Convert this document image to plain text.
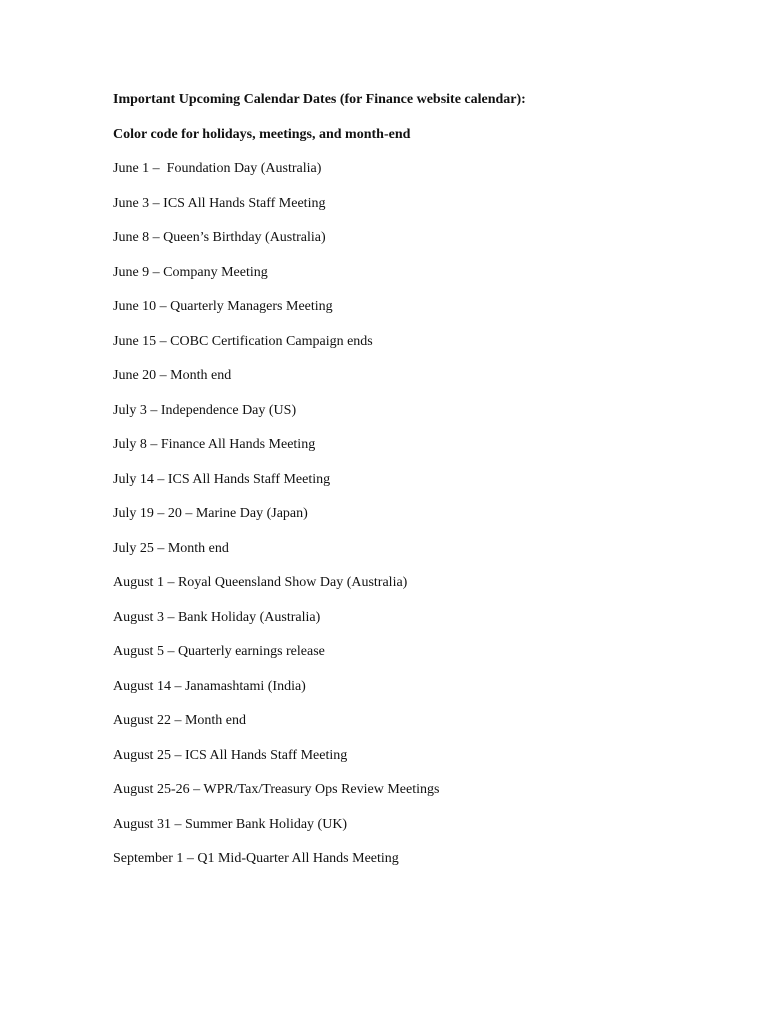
Important Upcoming Calendar Dates (for Finance website calendar):
Color code for holidays, meetings, and month-end
June 1 –  Foundation Day (Australia)
June 3 – ICS All Hands Staff Meeting
June 8 – Queen’s Birthday (Australia)
June 9 – Company Meeting
June 10 – Quarterly Managers Meeting
June 15 – COBC Certification Campaign ends
June 20 – Month end
July 3 – Independence Day (US)
July 8 – Finance All Hands Meeting
July 14 – ICS All Hands Staff Meeting
July 19 – 20 – Marine Day (Japan)
July 25 – Month end
August 1 – Royal Queensland Show Day (Australia)
August 3 – Bank Holiday (Australia)
August 5 – Quarterly earnings release
August 14 – Janamashtami (India)
August 22 – Month end
August 25 – ICS All Hands Staff Meeting
August 25-26 – WPR/Tax/Treasury Ops Review Meetings
August 31 – Summer Bank Holiday (UK)
September 1 – Q1 Mid-Quarter All Hands Meeting
